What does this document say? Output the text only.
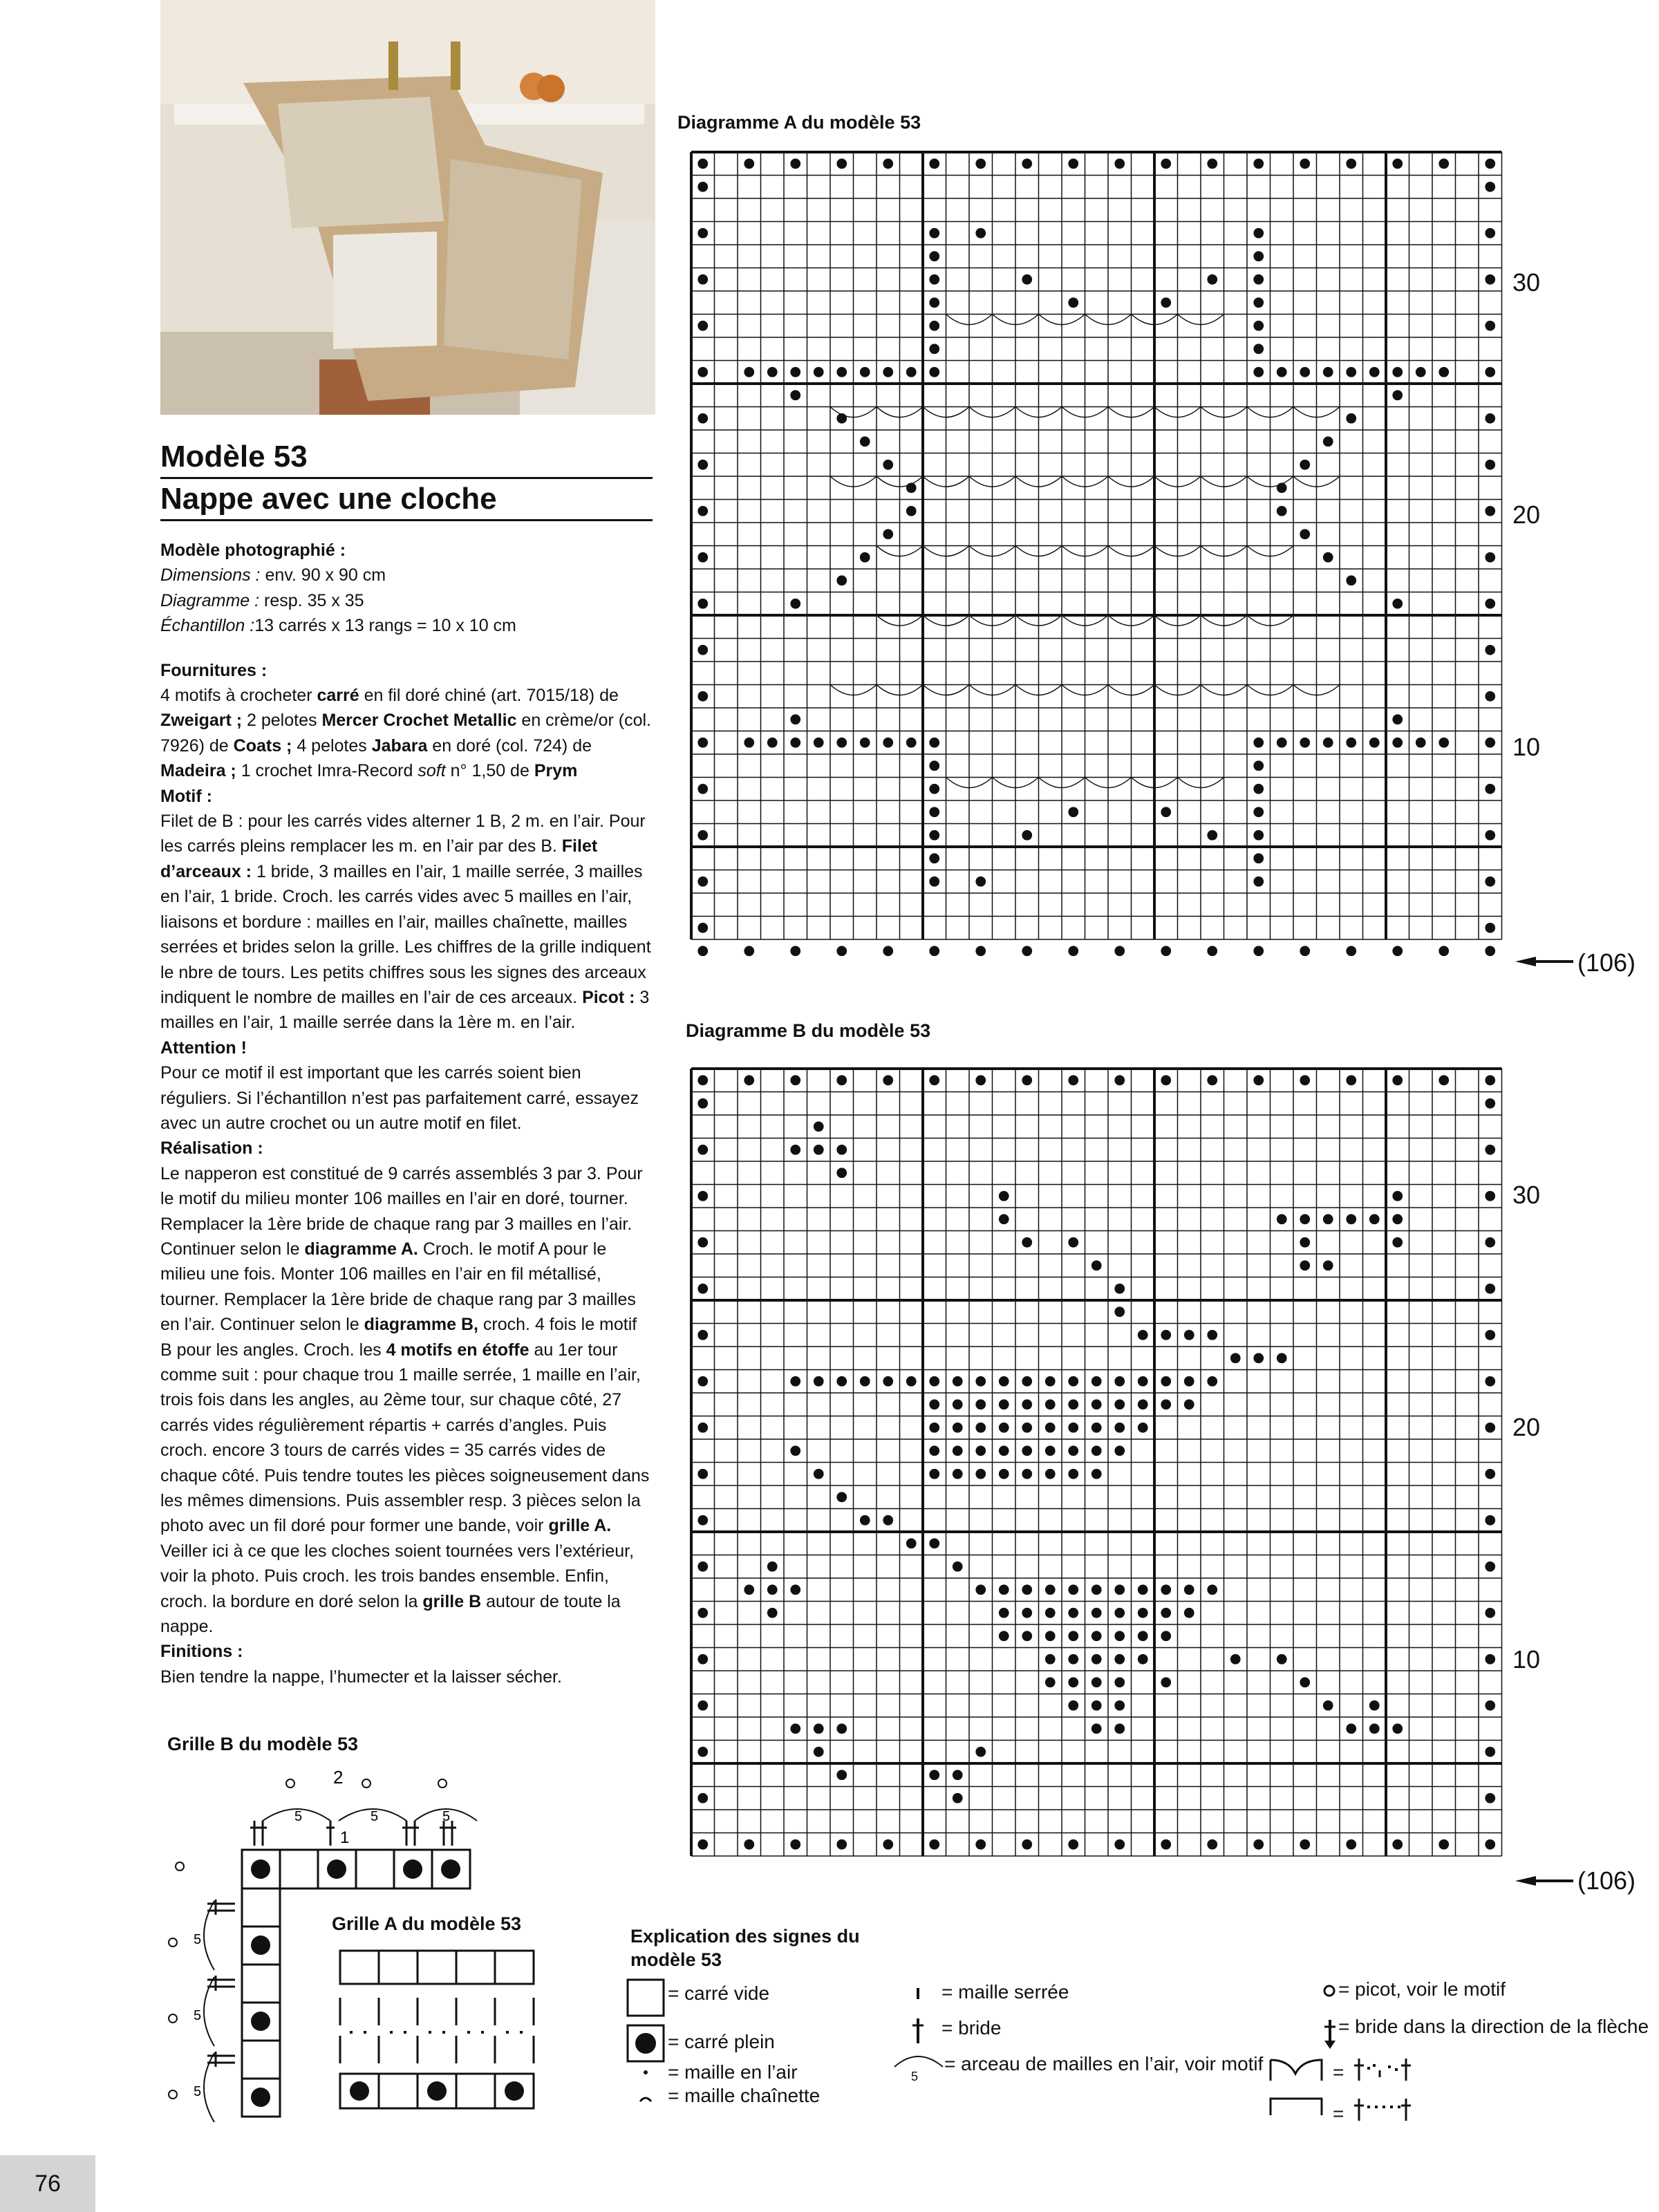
Modèle 53
Nappe avec une cloche

Modèle photographié :

Dimensions : env. 90 x 90 cm

Diagramme : resp. 35 x 35

Échantillon :13 carrés x 13 rangs = 10 x 10 cm

Fournitures :

4 motifs à crocheter carré en fil doré chiné (art. 7015/18) de Zweigart ; 2 pelotes Mercer Crochet Metallic en crème/or (col. 7926) de Coats ; 4 pelotes Jabara en doré (col. 724) de Madeira ; 1 crochet Imra-Record soft n° 1,50 de Prym

Motif :

Filet de B : pour les carrés vides alterner 1 B, 2 m. en l’air. Pour les carrés pleins remplacer les m. en l’air par des B. Filet d’arceaux : 1 bride, 3 mailles en l’air, 1 maille serrée, 3 mailles en l’air, 1 bride. Croch. les carrés vides avec 5 mailles en l’air, liaisons et bordure : mailles en l’air, mailles chaînette, mailles serrées et brides selon la grille. Les chiffres de la grille indiquent le nbre de tours. Les petits chiffres sous les signes des arceaux indiquent le nombre de mailles en l’air de ces arceaux. Picot : 3 mailles en l’air, 1 maille serrée dans la 1ère m. en l’air.

Attention !

Pour ce motif il est important que les carrés soient bien réguliers. Si l’échantillon n’est pas parfaitement carré, essayez avec un autre crochet ou un autre motif en filet.

Réalisation :

Le napperon est constitué de 9 carrés assemblés 3 par 3. Pour le motif du milieu monter 106 mailles en l’air en doré, tourner. Remplacer la 1ère bride de chaque rang par 3 mailles en l’air. Continuer selon le diagramme A. Croch. le motif A pour le milieu une fois. Monter 106 mailles en l’air en fil métallisé, tourner. Remplacer la 1ère bride de chaque rang par 3 mailles en l’air. Continuer selon le diagramme B, croch. 4 fois le motif B pour les angles. Croch. les 4 motifs en étoffe au 1er tour comme suit : pour chaque trou 1 maille serrée, 1 maille en l’air, trois fois dans les angles, au 2ème tour, sur chaque côté, 27 carrés vides régulièrement répartis + carrés d’angles. Puis croch. encore 3 tours de carrés vides = 35 carrés vides de chaque côté. Puis tendre toutes les pièces soigneusement dans les mêmes dimensions. Puis assembler resp. 3 pièces selon la photo avec un fil doré pour former une bande, voir grille A. Veiller ici à ce que les cloches soient tournées vers l’extérieur, voir la photo. Puis croch. les trois bandes ensemble. Enfin, croch. la bordure en doré selon la grille B autour de toute la nappe.

Finitions :

Bien tendre la nappe, l’humecter et la laisser sécher.

Diagramme A du modèle 53
30
20
10
(106)
Diagramme B du modèle 53
30
20
10
(106)
Grille B du modèle 53
2
1
5	5	5
5
5
5
Grille A du modèle 53
Explication des signes du
modèle 53
= carré vide
= carré plein
= maille en l’air
= maille chaînette
= maille serrée
= bride
= arceau de mailles en l’air, voir motif
5
= picot, voir le motif
= bride dans la direction de la flèche
=
=
76
